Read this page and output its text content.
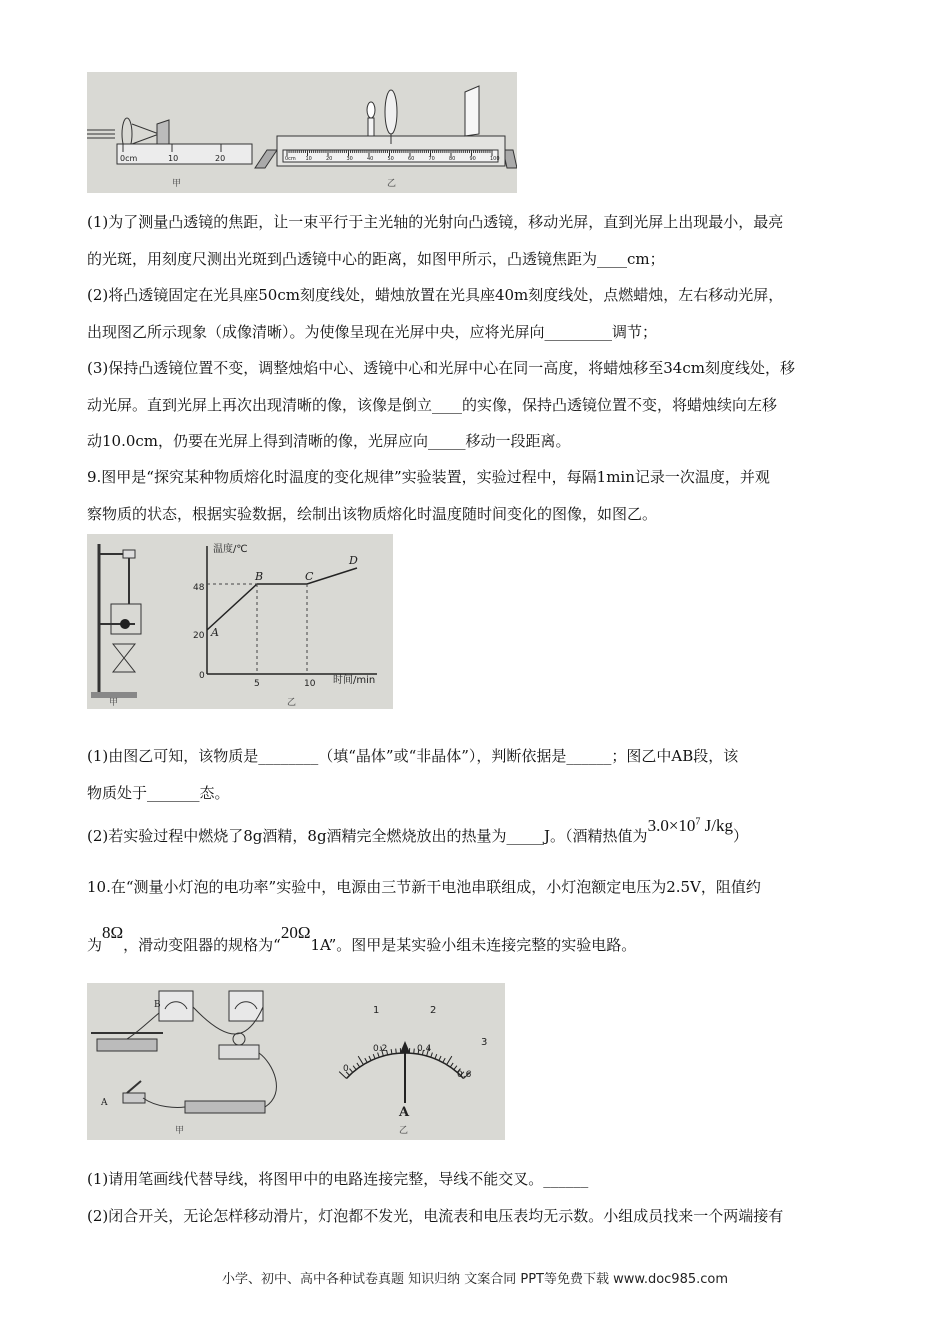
0cm	10	20
甲
0cm 10	20	30	40	50	60	70	80	90	100
乙
(1)为了测量凸透镜的焦距，让一束平行于主光轴的光射向凸透镜，移动光屏，直到光屏上出现最小，最亮
的光斑，用刻度尺测出光斑到凸透镜中心的距离，如图甲所示，凸透镜焦距为____cm；
(2)将凸透镜固定在光具座50cm刻度线处，蜡烛放置在光具座40m刻度线处，点燃蜡烛，左右移动光屏，
出现图乙所示现象（成像清晰）。为使像呈现在光屏中央，应将光屏向_________调节；
(3)保持凸透镜位置不变，调整烛焰中心、透镜中心和光屏中心在同一高度，将蜡烛移至34cm刻度线处，移
动光屏。直到光屏上再次出现清晰的像，该像是倒立____的实像，保持凸透镜位置不变，将蜡烛续向左移
动10.0cm，仍要在光屏上得到清晰的像，光屏应向_____移动一段距离。
9.图甲是“探究某种物质熔化时温度的变化规律”实验装置，实验过程中，每隔1min记录一次温度，并观
察物质的状态，根据实验数据，绘制出该物质熔化时温度随时间变化的图像，如图乙。
甲
温度/℃
时间/min
48
20
0
5	10
A
B	C
D
乙
(1)由图乙可知，该物质是________（填“晶体”或“非晶体”），判断依据是______；图乙中AB段，该
物质处于_______态。
(2)若实验过程中燃烧了8g酒精，8g酒精完全燃烧放出的热量为_____J。（酒精热值为$3.0\times 10^7$ J/kg）
10.在“测量小灯泡的电功率”实验中，电源由三节新干电池串联组成，小灯泡额定电压为2.5V，阻值约
为8Ω，滑动变阻器的规格为“20Ω1A”。图甲是某实验小组未连接完整的实验电路。
B
A
甲
A
1	2
3
0
0.2	0.4
0.6
乙
(1)请用笔画线代替导线，将图甲中的电路连接完整，导线不能交叉。______
(2)闭合开关，无论怎样移动滑片，灯泡都不发光，电流表和电压表均无示数。小组成员找来一个两端接有
小学、初中、高中各种试卷真题 知识归纳 文案合同 PPT等免费下载 www.doc985.com
